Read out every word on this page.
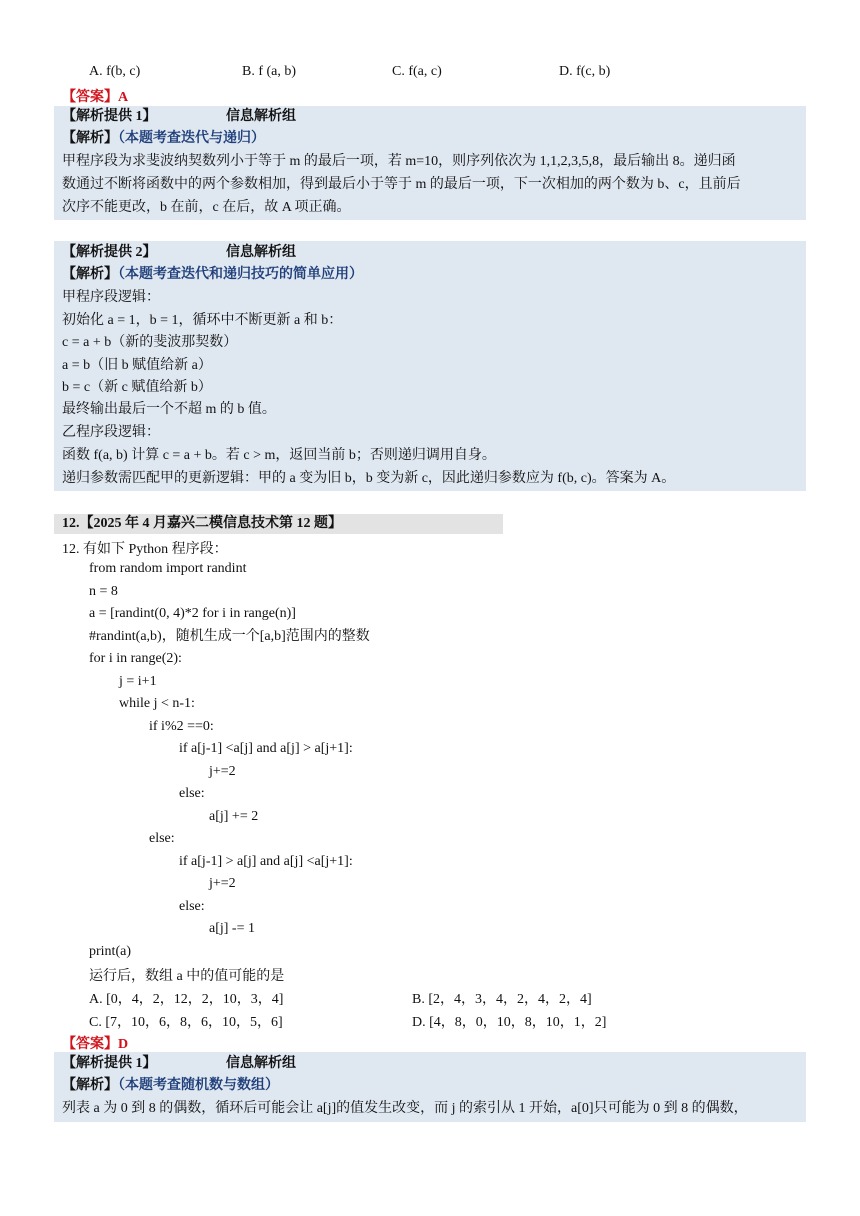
A. f(b, c)	B. f (a, b)	C. f(a, c)	D. f(c, b)
【答案】A
【解析提供 1】	信息解析组
【解析】（本题考查迭代与递归）
甲程序段为求斐波纳契数列小于等于 m 的最后一项，若 m=10，则序列依次为 1,1,2,3,5,8，最后输出 8。递归函
数通过不断将函数中的两个参数相加，得到最后小于等于 m 的最后一项，下一次相加的两个数为 b、c，且前后
次序不能更改，b 在前，c 在后，故 A 项正确。
【解析提供 2】	信息解析组
【解析】（本题考查迭代和递归技巧的简单应用）
甲程序段逻辑：
初始化 a = 1，b = 1，循环中不断更新 a 和 b：
c = a + b（新的斐波那契数）
a = b（旧 b 赋值给新 a）
b = c（新 c 赋值给新 b）
最终输出最后一个不超 m 的 b 值。
乙程序段逻辑：
函数 f(a, b) 计算 c = a + b。若 c > m，返回当前 b；否则递归调用自身。
递归参数需匹配甲的更新逻辑：甲的 a 变为旧 b，b 变为新 c，因此递归参数应为 f(b, c)。答案为 A。
12.【2025 年 4 月嘉兴二模信息技术第 12 题】
12. 有如下 Python 程序段：
from random import randint
n = 8
a = [randint(0, 4)*2 for i in range(n)]
#randint(a,b)，随机生成一个[a,b]范围内的整数
for i in range(2):
j = i+1
while j < n-1:
if i%2 ==0:
if a[j-1] <a[j] and a[j] > a[j+1]:
j+=2
else:
a[j] += 2
else:
if a[j-1] > a[j] and a[j] <a[j+1]:
j+=2
else:
a[j] -= 1
print(a)
运行后，数组 a 中的值可能的是
A. [0，4，2，12，2，10，3，4]	B. [2，4，3，4，2，4，2，4]
C. [7，10，6，8，6，10，5，6]	D. [4，8，0，10，8，10，1，2]
【答案】D
【解析提供 1】	信息解析组
【解析】（本题考查随机数与数组）
列表 a 为 0 到 8 的偶数，循环后可能会让 a[j]的值发生改变，而 j 的索引从 1 开始，a[0]只可能为 0 到 8 的偶数，
